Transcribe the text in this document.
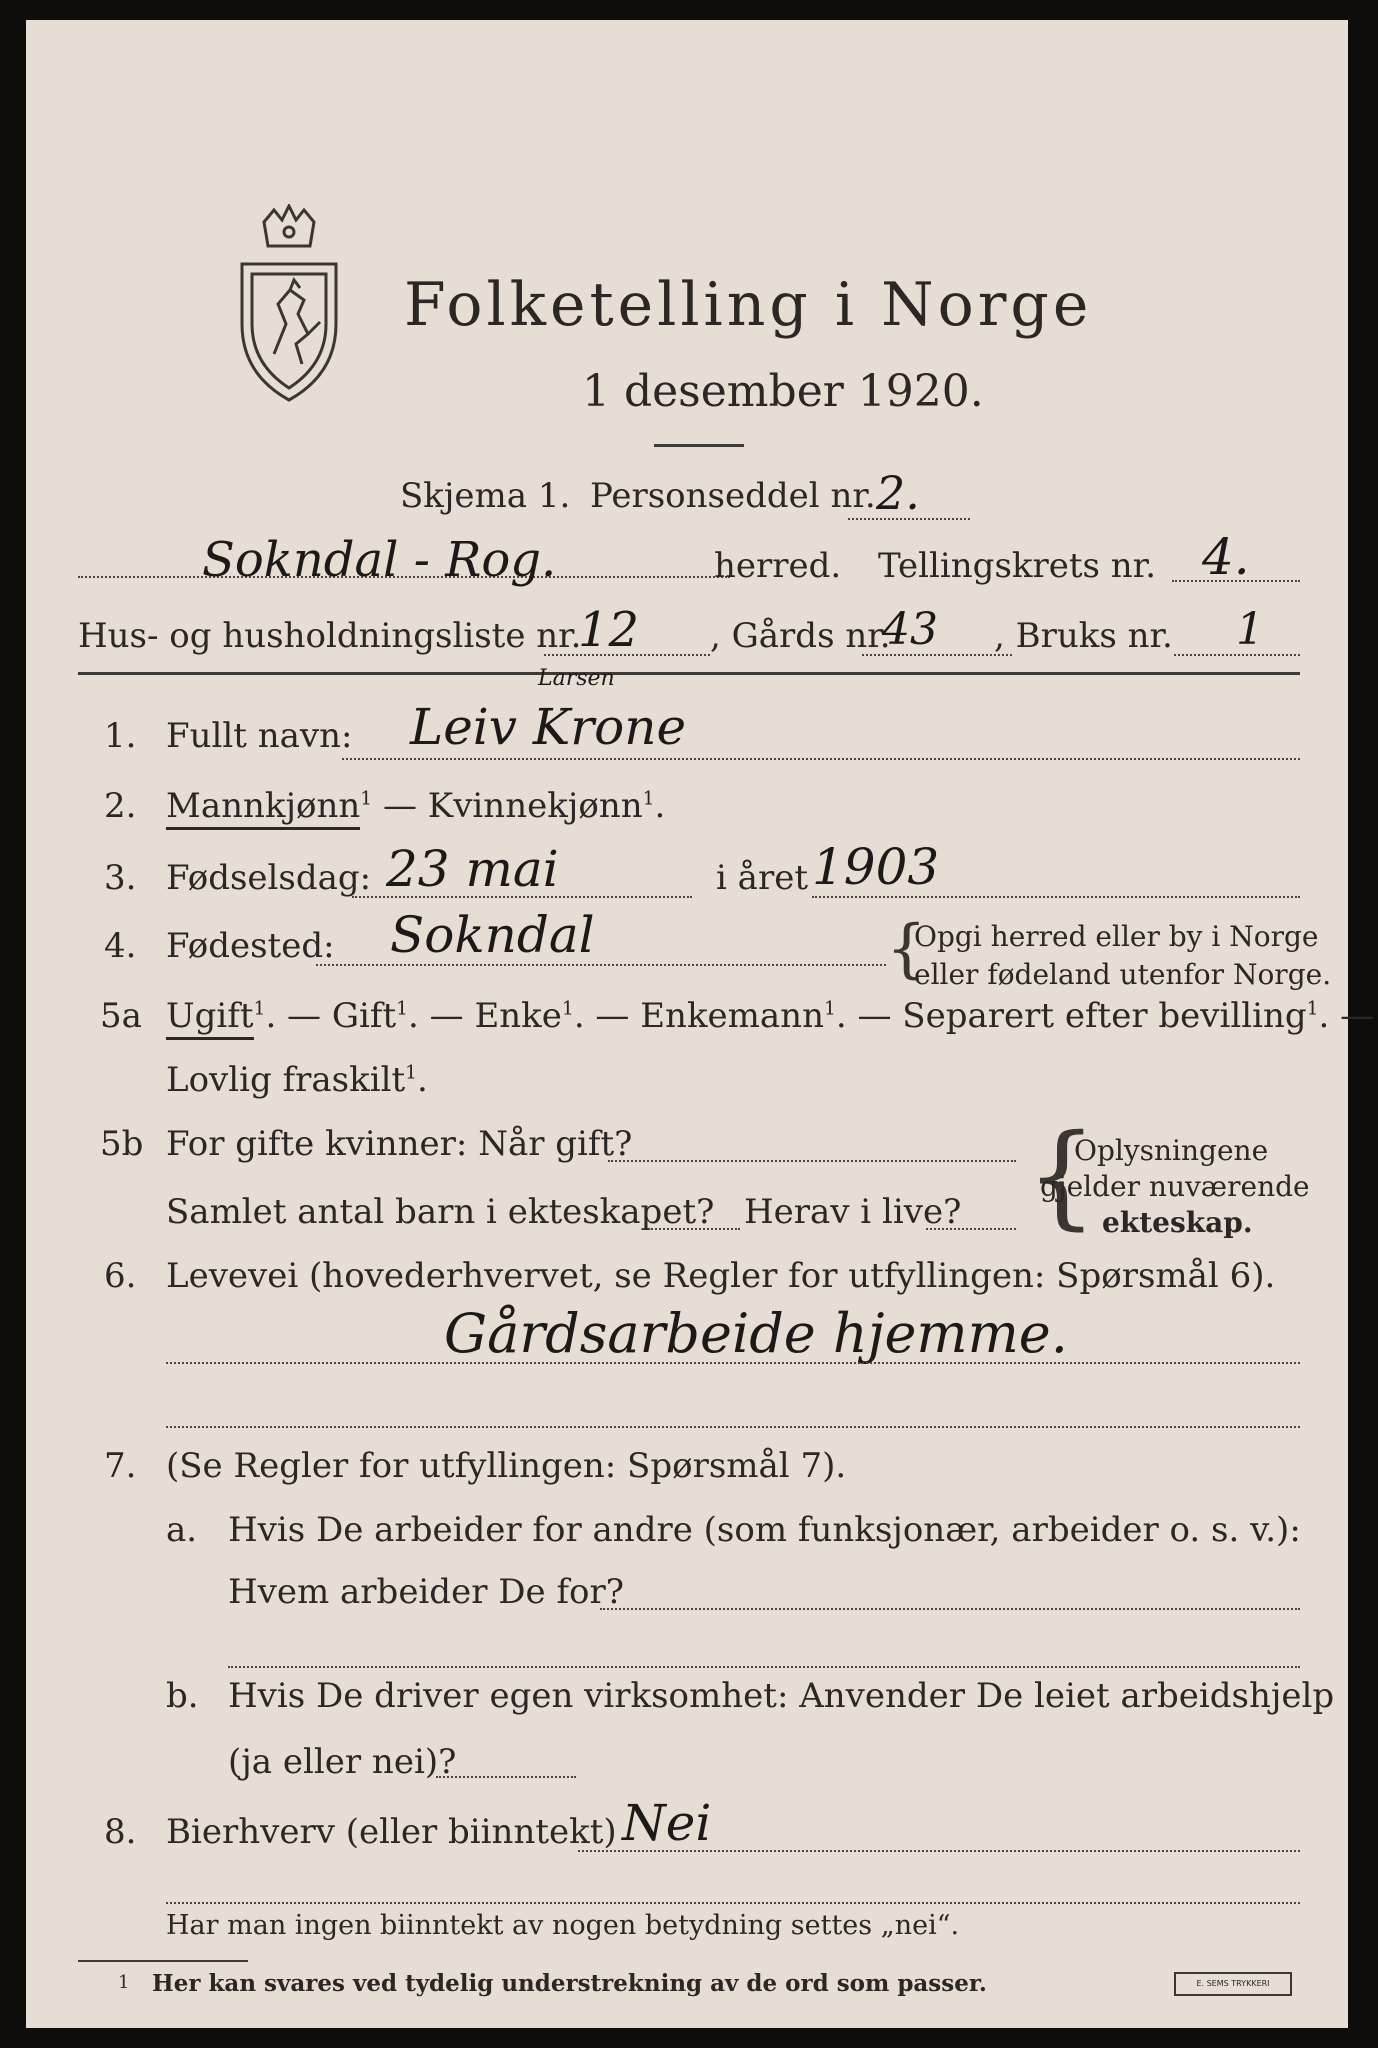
Folketelling i Norge
1 desember 1920.
Skjema 1. Personseddel nr. 2.
Sokndal - Rog.	herred. Tellingskrets nr. 4.
Hus- og husholdningsliste nr.
12 , Gårds nr.
43 , Bruks nr. 1
1. Fullt navn:
Larsen
Leiv Krone
2. Mannkjønn$^1$ — Kvinnekjønn$^1$.
3. Fødselsdag: 23 mai	i året 1903
4. Fødested: Sokndal	{
Opgi herred eller by i Norge
eller fødeland utenfor Norge.
5a Ugift$^1$. — Gift$^1$. — Enke$^1$. — Enkemann$^1$. — Separert efter bevilling$^1$. —
Lovlig fraskilt$^1$.
5b For gifte kvinner: Når gift?
Samlet antal barn i ekteskapet? Herav i live? {
Oplysningene
gjelder nuværende
ekteskap.
6. Levevei (hovederhvervet, se Regler for utfyllingen: Spørsmål 6).
Gårdsarbeide hjemme.
7. (Se Regler for utfyllingen: Spørsmål 7).
a. Hvis De arbeider for andre (som funksjonær, arbeider o. s. v.):
Hvem arbeider De for?
b. Hvis De driver egen virksomhet: Anvender De leiet arbeidshjelp
(ja eller nei)?
8. Bierhverv (eller biinntekt) Nei
Har man ingen biinntekt av nogen betydning settes „nei“.
1 Her kan svares ved tydelig understrekning av de ord som passer.	E. SEMS TRYKKERI
